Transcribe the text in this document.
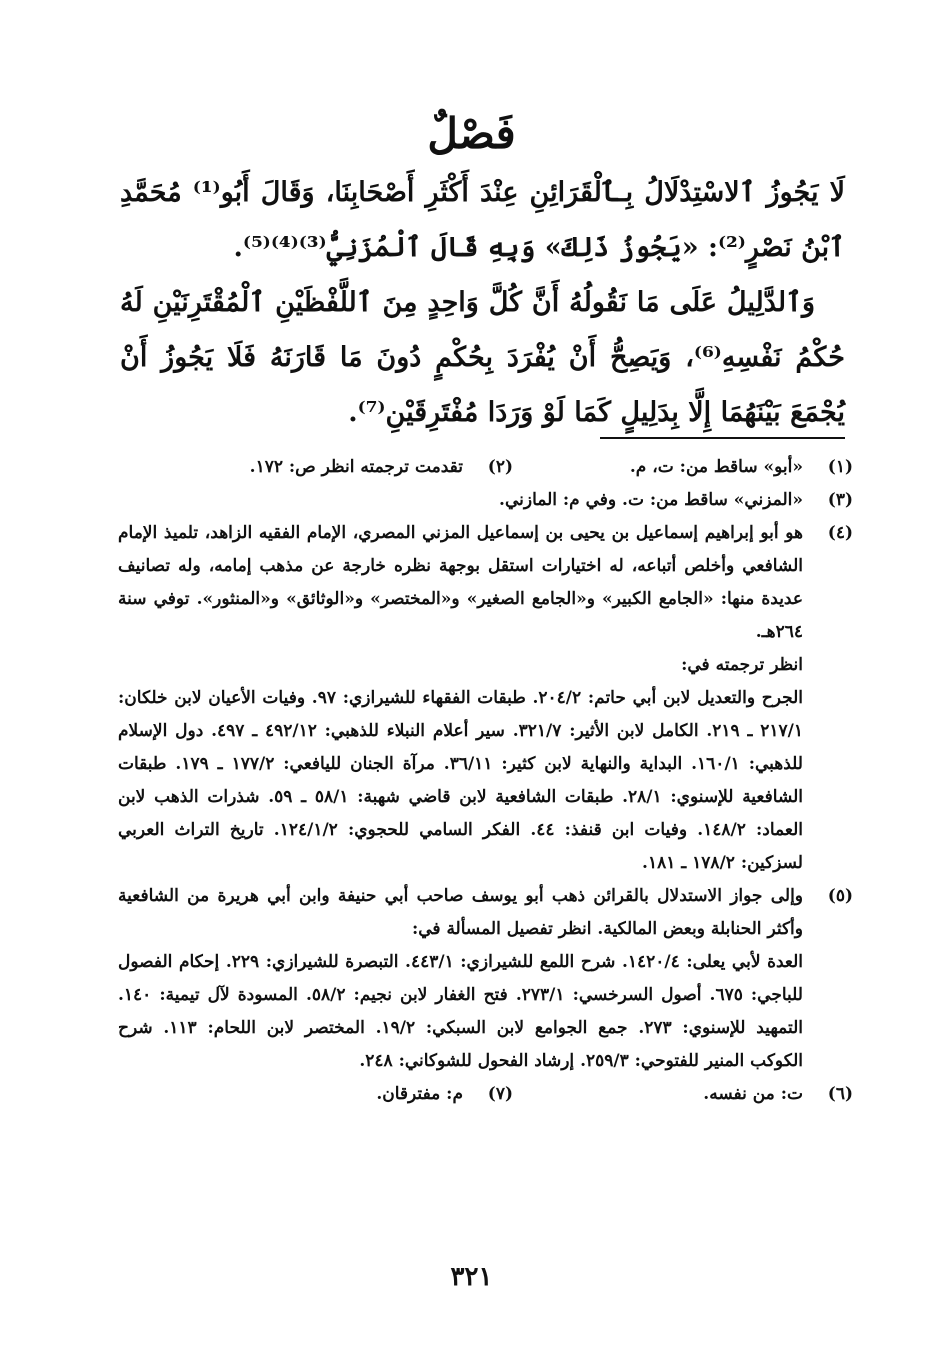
فَصْلٌ

لَا يَجُوزُ ٱلاسْتِدْلَالُ بِـٱلْقَرَائِنِ عِنْدَ أَكْثَرِ أَصْحَابِنَا، وَقَالَ أَبُو⁽¹⁾ مُحَمَّدِ ٱبْنُ نَصْرٍ⁽²⁾: «يَجُوزُ ذَلِكَ» وَبِهِ قَالَ ٱلْمُزَنِيُّ⁽³⁾⁽⁴⁾⁽⁵⁾.

وَٱلدَّلِيلُ عَلَى مَا نَقُولُهُ أَنَّ كُلَّ وَاحِدٍ مِنَ ٱللَّفْظَيْنِ ٱلْمُقْتَرِنَيْنِ لَهُ حُكْمُ نَفْسِهِ⁽⁶⁾، وَيَصِحُّ أَنْ يُفْرَدَ بِحُكْمٍ دُونَ مَا قَارَنَهُ فَلَا يَجُوزُ أَنْ يُجْمَعَ بَيْنَهُمَا إِلَّا بِدَلِيلٍ كَمَا لَوْ وَرَدَا مُفْتَرِقَيْنِ⁽⁷⁾.

(١)
«أبو» ساقط من: ت، م.
(٢)
تقدمت ترجمته انظر ص: ١٧٢.
(٣)
«المزني» ساقط من: ت. وفي م: المازني.
(٤)

هو أبو إبراهيم إسماعيل بن يحيى بن إسماعيل المزني المصري، الإمام الفقيه الزاهد، تلميذ الإمام الشافعي وأخلص أتباعه، له اختيارات استقل بوجهة نظره خارجة عن مذهب إمامه، وله تصانيف عديدة منها: «الجامع الكبير» و«الجامع الصغير» و«المختصر» و«الوثائق» و«المنثور». توفي سنة ٢٦٤هـ.

انظر ترجمته في:

الجرح والتعديل لابن أبي حاتم: ٢٠٤/٢. طبقات الفقهاء للشيرازي: ٩٧. وفيات الأعيان لابن خلكان: ٢١٧/١ ـ ٢١٩. الكامل لابن الأثير: ٣٢١/٧. سير أعلام النبلاء للذهبي: ٤٩٢/١٢ ـ ٤٩٧. دول الإسلام للذهبي: ١٦٠/١. البداية والنهاية لابن كثير: ٣٦/١١. مرآة الجنان لليافعي: ١٧٧/٢ ـ ١٧٩. طبقات الشافعية للإسنوي: ٢٨/١. طبقات الشافعية لابن قاضي شهبة: ٥٨/١ ـ ٥٩. شذرات الذهب لابن العماد: ١٤٨/٢. وفيات ابن قنفذ: ٤٤. الفكر السامي للحجوي: ١٢٤/١/٢. تاريخ التراث العربي لسزكين: ١٧٨/٢ ـ ١٨١.

(٥)

وإلى جواز الاستدلال بالقرائن ذهب أبو يوسف صاحب أبي حنيفة وابن أبي هريرة من الشافعية وأكثر الحنابلة وبعض المالكية. انظر تفصيل المسألة في:

العدة لأبي يعلى: ١٤٢٠/٤. شرح اللمع للشيرازي: ٤٤٣/١. التبصرة للشيرازي: ٢٢٩. إحكام الفصول للباجي: ٦٧٥. أصول السرخسي: ٢٧٣/١. فتح الغفار لابن نجيم: ٥٨/٢. المسودة لآل تيمية: ١٤٠. التمهيد للإسنوي: ٢٧٣. جمع الجوامع لابن السبكي: ١٩/٢. المختصر لابن اللحام: ١١٣. شرح الكوكب المنير للفتوحي: ٢٥٩/٣. إرشاد الفحول للشوكاني: ٢٤٨.

(٦)
ت: من نفسه.
(٧)
م: مفترقان.
٣٢١
